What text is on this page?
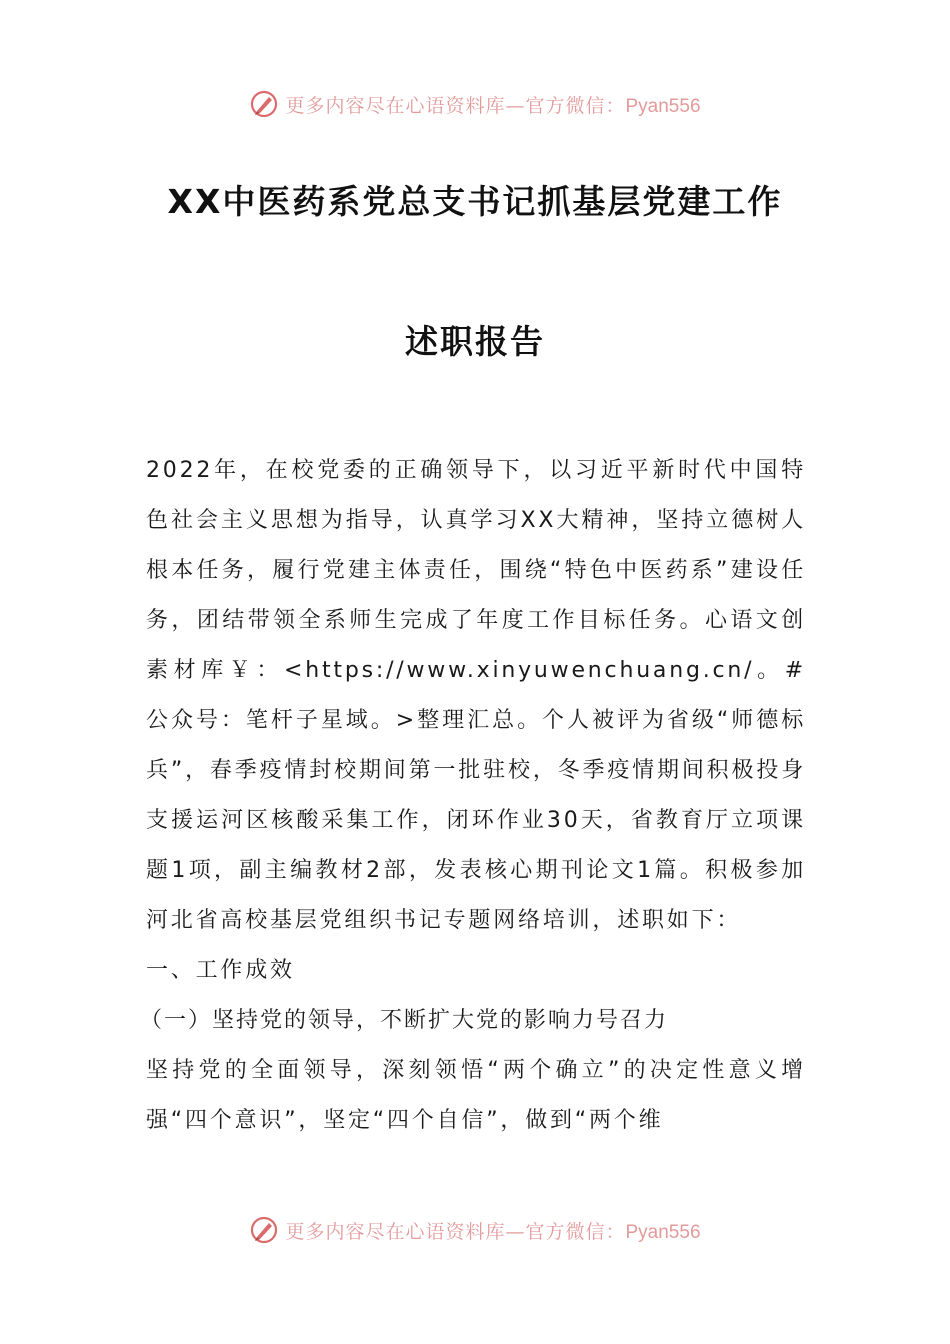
更多内容尽在心语资料库—官方微信：Pyan556
XX中医药系党总支书记抓基层党建工作
述职报告

2022年，在校党委的正确领导下，以习近平新时代中国特色社会主义思想为指导，认真学习XX大精神，坚持立德树人根本任务，履行党建主体责任，围绕“特色中医药系”建设任务，团结带领全系师生完成了年度工作目标任务。心语文创素材库￥：<https://www.xinyuwenchuang.cn/。#公众号：笔杆子星域。>整理汇总。个人被评为省级“师德标兵”，春季疫情封校期间第一批驻校，冬季疫情期间积极投身支援运河区核酸采集工作，闭环作业30天，省教育厅立项课题1项，副主编教材2部，发表核心期刊论文1篇。积极参加河北省高校基层党组织书记专题网络培训，述职如下：

一、工作成效

（一）坚持党的领导，不断扩大党的影响力号召力

坚持党的全面领导，深刻领悟“两个确立”的决定性意义增强“四个意识”，坚定“四个自信”，做到“两个维

更多内容尽在心语资料库—官方微信：Pyan556
